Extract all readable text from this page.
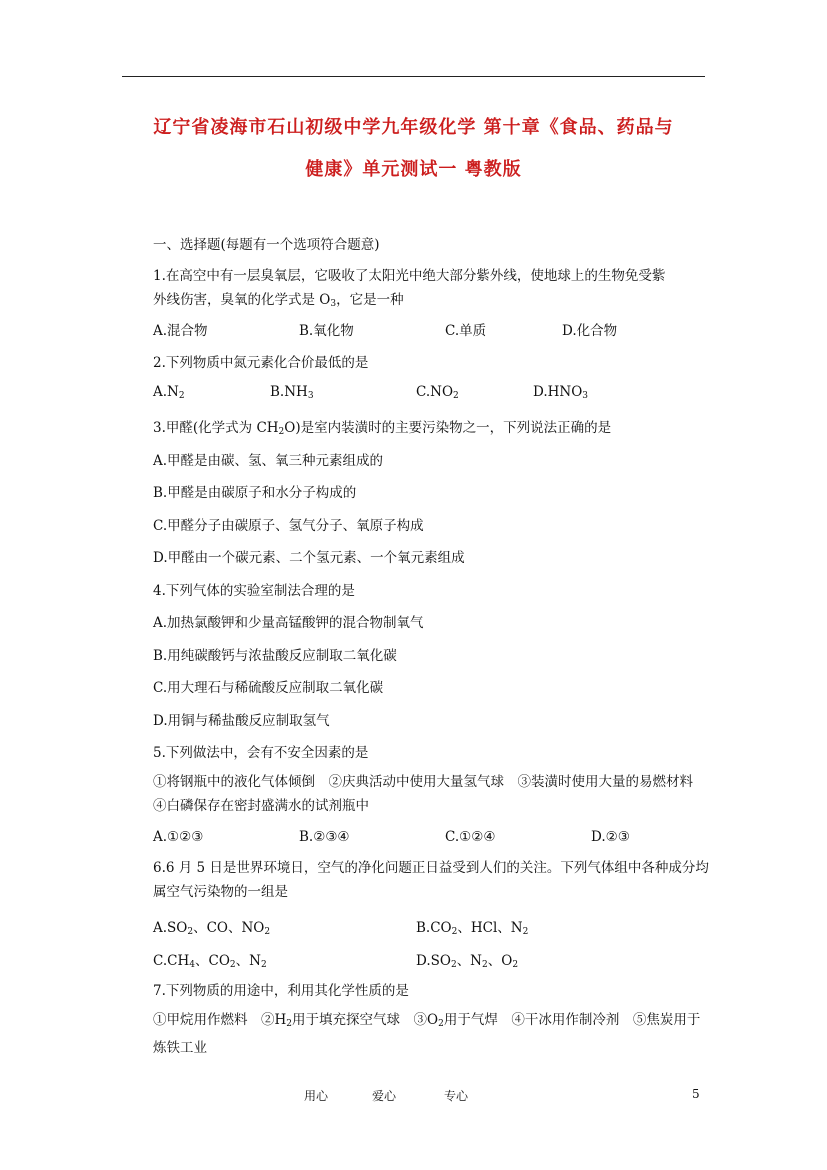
辽宁省凌海市石山初级中学九年级化学 第十章《食品、药品与
健康》单元测试一 粤教版
一、选择题(每题有一个选项符合题意)
1.在高空中有一层臭氧层，它吸收了太阳光中绝大部分紫外线，使地球上的生物免受紫
外线伤害，臭氧的化学式是 $O_3$，它是一种
A.混合物	B.氧化物	C.单质	D.化合物
2.下列物质中氮元素化合价最低的是
$A.N_2$	$B.NH_3$	$C.NO_2$	$D.HNO_3$
3.甲醛(化学式为 $CH_2O$)是室内装潢时的主要污染物之一，下列说法正确的是
A.甲醛是由碳、氢、氧三种元素组成的
B.甲醛是由碳原子和水分子构成的
C.甲醛分子由碳原子、氢气分子、氧原子构成
D.甲醛由一个碳元素、二个氢元素、一个氧元素组成
4.下列气体的实验室制法合理的是
A.加热氯酸钾和少量高锰酸钾的混合物制氧气
B.用纯碳酸钙与浓盐酸反应制取二氧化碳
C.用大理石与稀硫酸反应制取二氧化碳
D.用铜与稀盐酸反应制取氢气
5.下列做法中，会有不安全因素的是
①将钢瓶中的液化气体倾倒　②庆典活动中使用大量氢气球　③装潢时使用大量的易燃材料　④白磷保存在密封盛满水的试剂瓶中
A.①②③	B.②③④	C.①②④	D.②③
6.6 月 5 日是世界环境日，空气的净化问题正日益受到人们的关注。下列气体组中各种成分均属空气污染物的一组是
$A.SO_2$、CO、$NO_2$	$B.CO_2$、HCl、$N_2$
$C.CH_4$、$CO_2$、$N_2$	$D.SO_2$、$N_2$、$O_2$
7.下列物质的用途中，利用其化学性质的是
①甲烷用作燃料　$②H_2$用于填充探空气球　$③O_2$用于气焊　④干冰用作制冷剂　⑤焦炭用于炼铁工业
用心	爱心	专心	5
